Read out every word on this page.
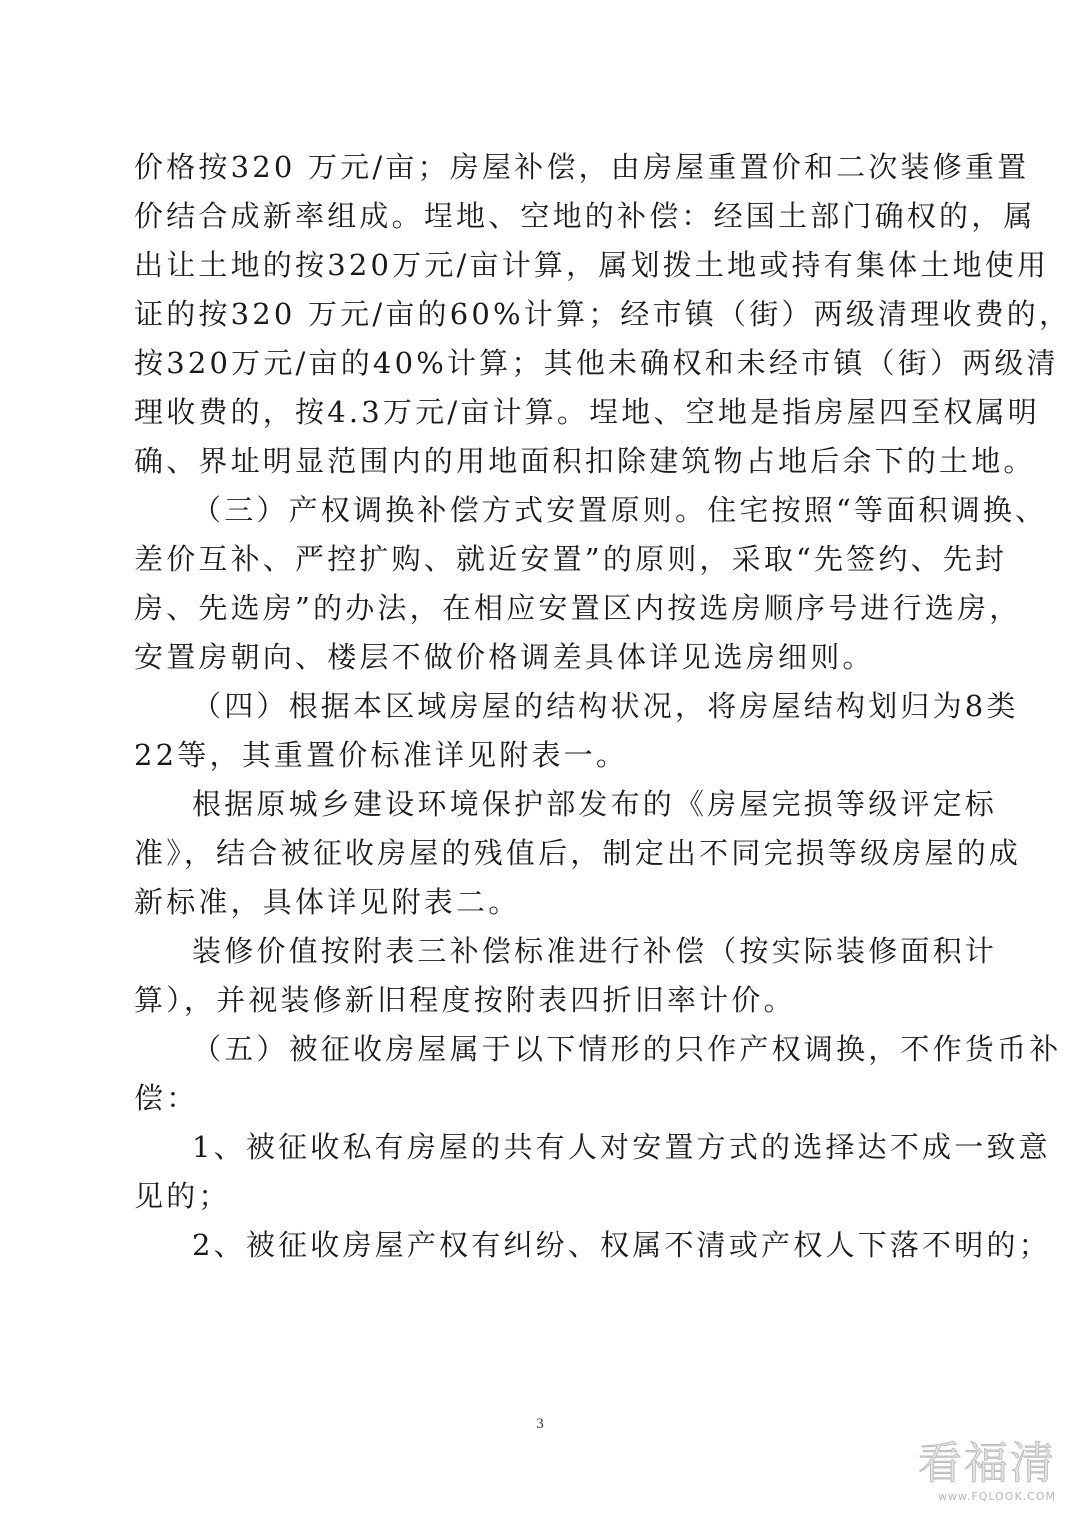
价格按320 万元/亩；房屋补偿，由房屋重置价和二次装修重置
价结合成新率组成。埕地、空地的补偿：经国土部门确权的，属
出让土地的按320万元/亩计算，属划拨土地或持有集体土地使用
证的按320 万元/亩的60%计算；经市镇（街）两级清理收费的，
按320万元/亩的40%计算；其他未确权和未经市镇（街）两级清
理收费的，按4.3万元/亩计算。埕地、空地是指房屋四至权属明
确、界址明显范围内的用地面积扣除建筑物占地后余下的土地。
（三）产权调换补偿方式安置原则。住宅按照“等面积调换、
差价互补、严控扩购、就近安置”的原则，采取“先签约、先封
房、先选房”的办法，在相应安置区内按选房顺序号进行选房，
安置房朝向、楼层不做价格调差具体详见选房细则。
（四）根据本区域房屋的结构状况，将房屋结构划归为8类
22等，其重置价标准详见附表一。
根据原城乡建设环境保护部发布的《房屋完损等级评定标
准》，结合被征收房屋的残值后，制定出不同完损等级房屋的成
新标准，具体详见附表二。
装修价值按附表三补偿标准进行补偿（按实际装修面积计
算），并视装修新旧程度按附表四折旧率计价。
（五）被征收房屋属于以下情形的只作产权调换，不作货币补
偿：
1、被征收私有房屋的共有人对安置方式的选择达不成一致意
见的；
2、被征收房屋产权有纠纷、权属不清或产权人下落不明的；
3
看福清
www.FQLOOK.COM
